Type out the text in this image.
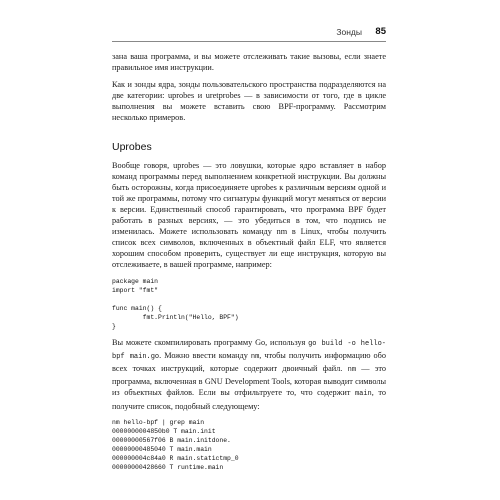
Зонды 85

зана ваша программа, и вы можете отслеживать такие вызовы, если знаете правильное имя инструкции.

Как и зонды ядра, зонды пользовательского пространства подразделяются на две категории: uprobes и uretprobes — в зависимости от того, где в цикле выполнения вы можете вставить свою BPF-программу. Рассмотрим несколько примеров.

Uprobes

Вообще говоря, uprobes — это ловушки, которые ядро вставляет в набор команд программы перед выполнением конкретной инструкции. Вы должны быть осторожны, когда присоединяете uprobes к различным версиям одной и той же программы, потому что сигнатуры функций могут меняться от версии к версии. Единственный способ гарантировать, что программа BPF будет работать в разных версиях, — это убедиться в том, что подпись не изменилась. Можете использовать команду nm в Linux, чтобы получить список всех символов, включенных в объектный файл ELF, что является хорошим способом проверить, существует ли еще инструкция, которую вы отслеживаете, в вашей программе, например:

package main
import "fmt"

func main() {
fmt.Println("Hello, BPF")
}

Вы можете скомпилировать программу Go, используя go build -o hello-bpf main.go. Можно ввести команду nm, чтобы получить информацию обо всех точках инструкций, которые содержит двоичный файл. nm — это программа, включенная в GNU Development Tools, которая выводит символы из объектных файлов. Если вы отфильтруете то, что содержит main, то получите список, подобный следующему:

nm hello-bpf | grep main
0000000004850b0 T main.init
00000000567f06 B main.initdone.
00000000485040 T main.main
000000004c84a0 R main.statictmp_0
00000000428660 T runtime.main
